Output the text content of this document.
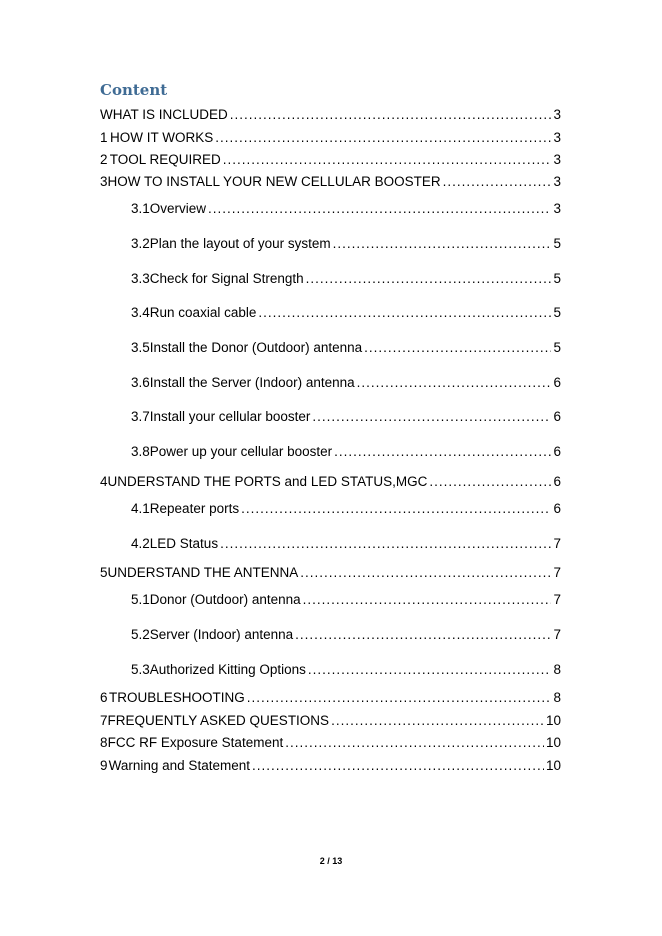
Content
WHAT IS INCLUDED .....	3
1 HOW IT WORKS .....	3
2 TOOL REQUIRED .....	3
3 HOW TO INSTALL YOUR NEW CELLULAR BOOSTER .....	3
3.1 Overview .....	3
3.2 Plan the layout of your system .....	5
3.3 Check for Signal Strength .....	5
3.4 Run coaxial cable .....	5
3.5 Install the Donor (Outdoor) antenna .....	5
3.6 Install the Server (Indoor) antenna .....	6
3.7 Install your cellular booster .....	6
3.8 Power up your cellular booster .....	6
4 UNDERSTAND THE PORTS and LED STATUS,MGC .....	6
4.1 Repeater ports .....	6
4.2 LED Status .....	7
5 UNDERSTAND THE ANTENNA .....	7
5.1 Donor (Outdoor) antenna .....	7
5.2 Server (Indoor) antenna .....	7
5.3 Authorized Kitting Options .....	8
6 TROUBLESHOOTING .....	8
7 FREQUENTLY ASKED QUESTIONS .....	10
8 FCC RF Exposure Statement .....	10
9 Warning and Statement .....	10
2 / 13
